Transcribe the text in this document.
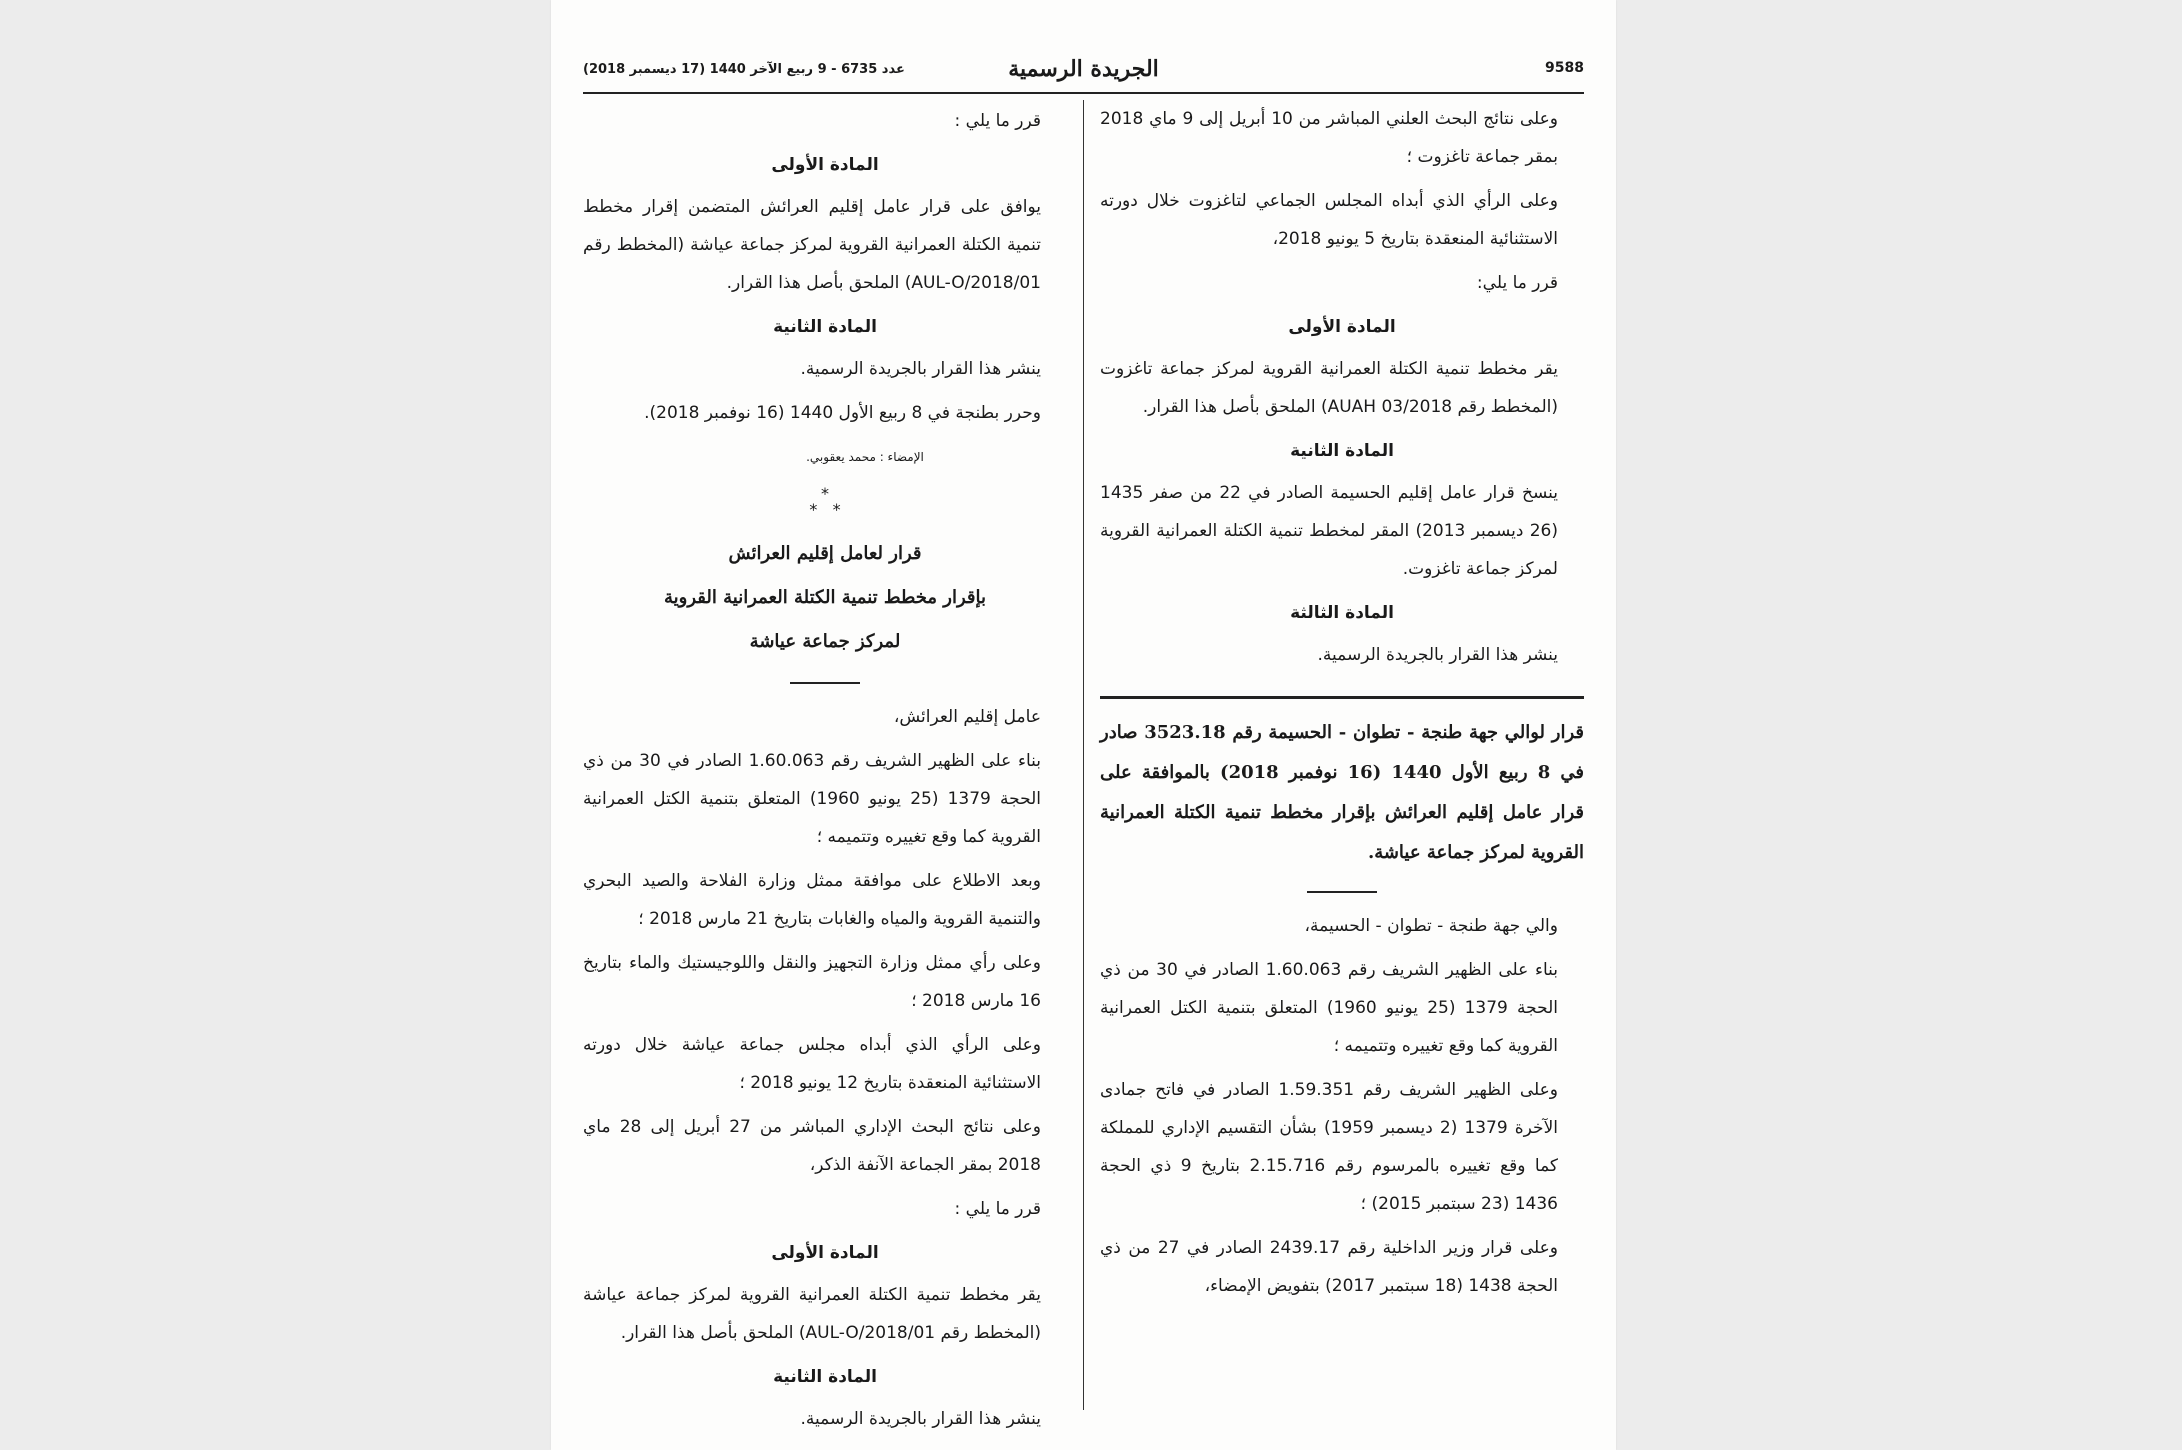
9588
الجريدة الرسمية
عدد 6735 - 9 ربيع الآخر 1440 (17 ديسمبر 2018)

وعلى نتائج البحث العلني المباشر من 10 أبريل إلى 9 ماي 2018 بمقر جماعة تاغزوت ؛

وعلى الرأي الذي أبداه المجلس الجماعي لتاغزوت خلال دورته الاستثنائية المنعقدة بتاريخ 5 يونيو 2018،

قرر ما يلي:

المادة الأولى

يقر مخطط تنمية الكتلة العمرانية القروية لمركز جماعة تاغزوت (المخطط رقم AUAH 03/2018) الملحق بأصل هذا القرار.

المادة الثانية

ينسخ قرار عامل إقليم الحسيمة الصادر في 22 من صفر 1435 (26 ديسمبر 2013) المقر لمخطط تنمية الكتلة العمرانية القروية لمركز جماعة تاغزوت.

المادة الثالثة

ينشر هذا القرار بالجريدة الرسمية.

قرار لوالي جهة طنجة - تطوان - الحسيمة رقم 3523.18 صادر في 8 ربيع الأول 1440 (16 نوفمبر 2018) بالموافقة على قرار عامل إقليم العرائش بإقرار مخطط تنمية الكتلة العمرانية القروية لمركز جماعة عياشة.

والي جهة طنجة - تطوان - الحسيمة،

بناء على الظهير الشريف رقم 1.60.063 الصادر في 30 من ذي الحجة 1379 (25 يونيو 1960) المتعلق بتنمية الكتل العمرانية القروية كما وقع تغييره وتتميمه ؛

وعلى الظهير الشريف رقم 1.59.351 الصادر في فاتح جمادى الآخرة 1379 (2 ديسمبر 1959) بشأن التقسيم الإداري للمملكة كما وقع تغييره بالمرسوم رقم 2.15.716 بتاريخ 9 ذي الحجة 1436 (23 سبتمبر 2015) ؛

وعلى قرار وزير الداخلية رقم 2439.17 الصادر في 27 من ذي الحجة 1438 (18 سبتمبر 2017) بتفويض الإمضاء،

قرر ما يلي :

المادة الأولى

يوافق على قرار عامل إقليم العرائش المتضمن إقرار مخطط تنمية الكتلة العمرانية القروية لمركز جماعة عياشة (المخطط رقم 01/AUL-O/2018) الملحق بأصل هذا القرار.

المادة الثانية

ينشر هذا القرار بالجريدة الرسمية.

وحرر بطنجة في 8 ربيع الأول 1440 (16 نوفمبر 2018).

الإمضاء : محمد يعقوبي.
*
*   *
قرار لعامل إقليم العرائش
بإقرار مخطط تنمية الكتلة العمرانية القروية
لمركز جماعة عياشة

عامل إقليم العرائش،

بناء على الظهير الشريف رقم 1.60.063 الصادر في 30 من ذي الحجة 1379 (25 يونيو 1960) المتعلق بتنمية الكتل العمرانية القروية كما وقع تغييره وتتميمه ؛

وبعد الاطلاع على موافقة ممثل وزارة الفلاحة والصيد البحري والتنمية القروية والمياه والغابات بتاريخ 21 مارس 2018 ؛

وعلى رأي ممثل وزارة التجهيز والنقل واللوجيستيك والماء بتاريخ 16 مارس 2018 ؛

وعلى الرأي الذي أبداه مجلس جماعة عياشة خلال دورته الاستثنائية المنعقدة بتاريخ 12 يونيو 2018 ؛

وعلى نتائج البحث الإداري المباشر من 27 أبريل إلى 28 ماي 2018 بمقر الجماعة الآنفة الذكر،

قرر ما يلي :

المادة الأولى

يقر مخطط تنمية الكتلة العمرانية القروية لمركز جماعة عياشة (المخطط رقم 01/AUL-O/2018) الملحق بأصل هذا القرار.

المادة الثانية

ينشر هذا القرار بالجريدة الرسمية.
